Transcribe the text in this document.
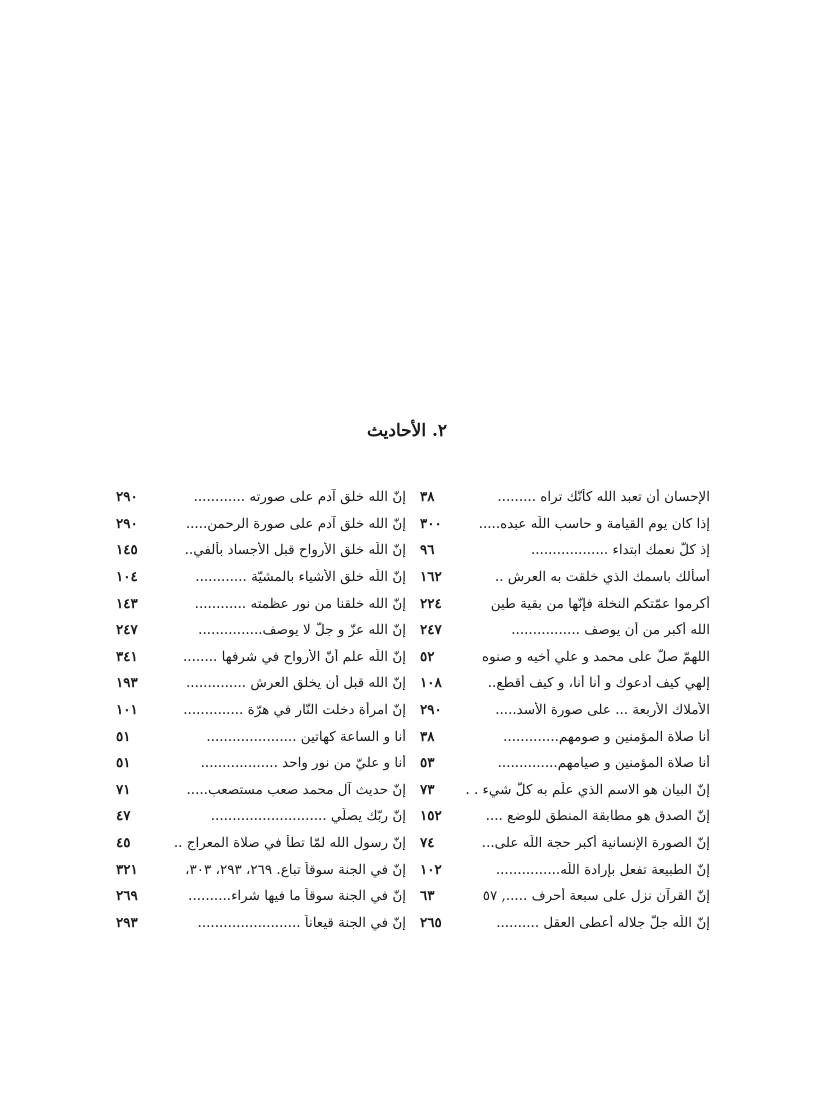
٢. الأحاديث
الإحسان أن تعبد الله كأنّك تراه .........
٣٨
إذا كان يوم القيامة و حاسب اللّه عبده.....
٣٠٠
إذ كلّ نعمك ابتداء ..................
٩٦
أسألك باسمك الذي خلقت به العرش ..
١٦٢
أكرموا عمّتكم النخلة فإنّها من بقية طين
٢٢٤
الله أكبر من أن يوصف ................
٢٤٧
اللهمّ صلّ على محمد و علي أخيه و صنوه
٥٢
إلهي كيف أدعوك و أنا أنا، و كيف أقطع..
١٠٨
الأملاك الأربعة ... على صورة الأسد.....
٢٩٠
أنا صلاة المؤمنين و صومهم.............
٣٨
أنا صلاة المؤمنين و صيامهم..............
٥٣
إنّ البيان هو الاسم الذي علّم به كلّ شيء . .
٧٣
إنّ الصدق هو مطابقة المنطق للوضع ....
١٥٢
إنّ الصورة الإنسانية أكبر حجة اللّه على...
٧٤
إنّ الطبيعة تفعل بإرادة اللّه...............
١٠٢
إنّ القرآن نزل على سبعة أحرف ....., ٥٧
٦٣
إنّ اللّه جلّ جلاله أعطى العقل ..........
٢٦٥
إنّ الله خلق آدم على صورته ............
٢٩٠
إنّ الله خلق آدم على صورة الرحمن.....
٢٩٠
إنّ اللّه خلق الأرواح قبل الأجساد بألفي..
١٤٥
إنّ اللّه خلق الأشياء بالمشيّة ............
١٠٤
إنّ الله خلقنا من نور عظمته ............
١٤٣
إنّ الله عزّ و جلّ لا يوصف...............
٢٤٧
إنّ اللّه علم أنّ الأرواح في شرفها ........
٣٤١
إنّ الله قبل أن يخلق العرش ..............
١٩٣
إنّ امرأة دخلت النّار في هرّة ..............
١٠١
أنا و الساعة كهاتين .....................
٥١
أنا و عليّ من نور واحد ..................
٥١
إنّ حديث آل محمد صعب مستصعب.....
٧١
إنّ ربّك يصلّي ...........................
٤٧
إنّ رسول الله لمّا تطأ في صلاة المعراج ..
٤٥
إنّ في الجنة سوقاً تباع. ٢٦٩، ٢٩٣، ٣٠٣،
٣٢١
إنّ في الجنة سوقاً ما فيها شراء..........
٢٦٩
إنّ في الجنة قيعاناً ........................
٢٩٣
